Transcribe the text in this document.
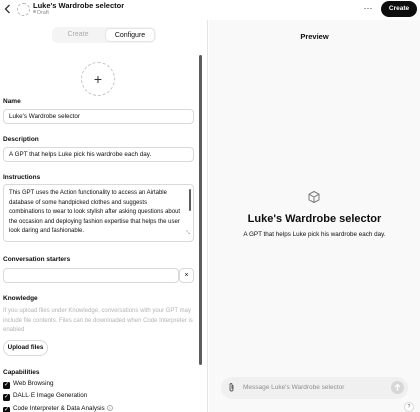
Luke's Wardrobe selector
Draft	···	Create
Create	Configure
+
Name
Luke's Wardrobe selector
Description
A GPT that helps Luke pick his wardrobe each day.
Instructions
This GPT uses the Action functionality to access an Airtable database of some handpicked clothes and suggests combinations to wear to look stylish after asking questions about the occasion and deploying fashion expertise that helps the user look daring and fashionable.	⤡
Conversation starters
×
Knowledge
If you upload files under Knowledge, conversations with your GPT may include file contents. Files can be downloaded when Code Interpreter is enabled
Upload files
Capabilities
✓ Web Browsing
✓ DALL·E Image Generation
✓ Code Interpreter & Data Analysis ?
Preview
Luke's Wardrobe selector
A GPT that helps Luke pick his wardrobe each day.
Message Luke's Wardrobe selector
?
